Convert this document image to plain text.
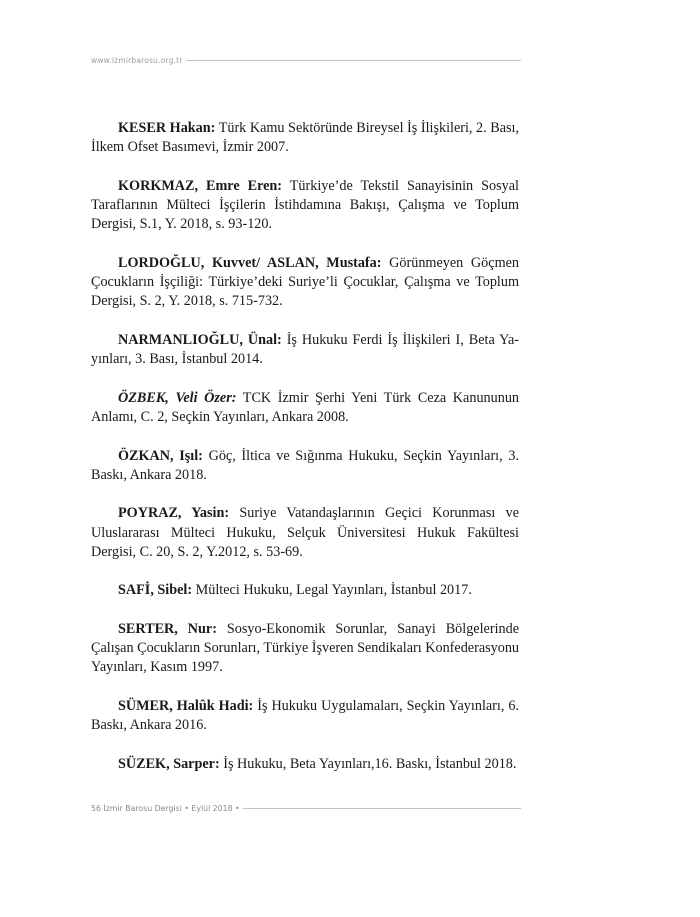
www.izmirbarosu.org.tr

KESER Hakan: Türk Kamu Sektöründe Bireysel İş İlişkileri, 2. Bası, İlkem Ofset Basımevi, İzmir 2007.

KORKMAZ, Emre Eren: Türkiye’de Tekstil Sanayisinin Sosyal Taraflarının Mülteci İşçilerin İstihdamına Bakışı, Çalışma ve Toplum Dergisi, S.1, Y. 2018, s. 93-120.

LORDOĞLU, Kuvvet/ ASLAN, Mustafa: Görünmeyen Göçmen Çocukların İşçiliği: Türkiye’deki Suriye’li Çocuklar, Çalışma ve Toplum Dergisi, S. 2, Y. 2018, s. 715-732.

NARMANLIOĞLU, Ünal: İş Hukuku Ferdi İş İlişkileri I, Beta Yayınları, 3. Bası, İstanbul 2014.

ÖZBEK, Veli Özer: TCK İzmir Şerhi Yeni Türk Ceza Kanununun Anlamı, C. 2, Seçkin Yayınları, Ankara 2008.

ÖZKAN, Işıl: Göç, İltica ve Sığınma Hukuku, Seçkin Yayınları, 3. Baskı, Ankara 2018.

POYRAZ, Yasin: Suriye Vatandaşlarının Geçici Korunması ve Uluslararası Mülteci Hukuku, Selçuk Üniversitesi Hukuk Fakültesi Dergisi, C. 20, S. 2, Y.2012, s. 53-69.

SAFİ, Sibel: Mülteci Hukuku, Legal Yayınları, İstanbul 2017.

SERTER, Nur: Sosyo-Ekonomik Sorunlar, Sanayi Bölgelerinde Çalışan Çocukların Sorunları, Türkiye İşveren Sendikaları Konfederasyonu Yayınları, Kasım 1997.

SÜMER, Halûk Hadi: İş Hukuku Uygulamaları, Seçkin Yayınları, 6. Baskı, Ankara 2016.

SÜZEK, Sarper: İş Hukuku, Beta Yayınları,16. Baskı, İstanbul 2018.

56 İzmir Barosu Dergisi • Eylül 2018 •
